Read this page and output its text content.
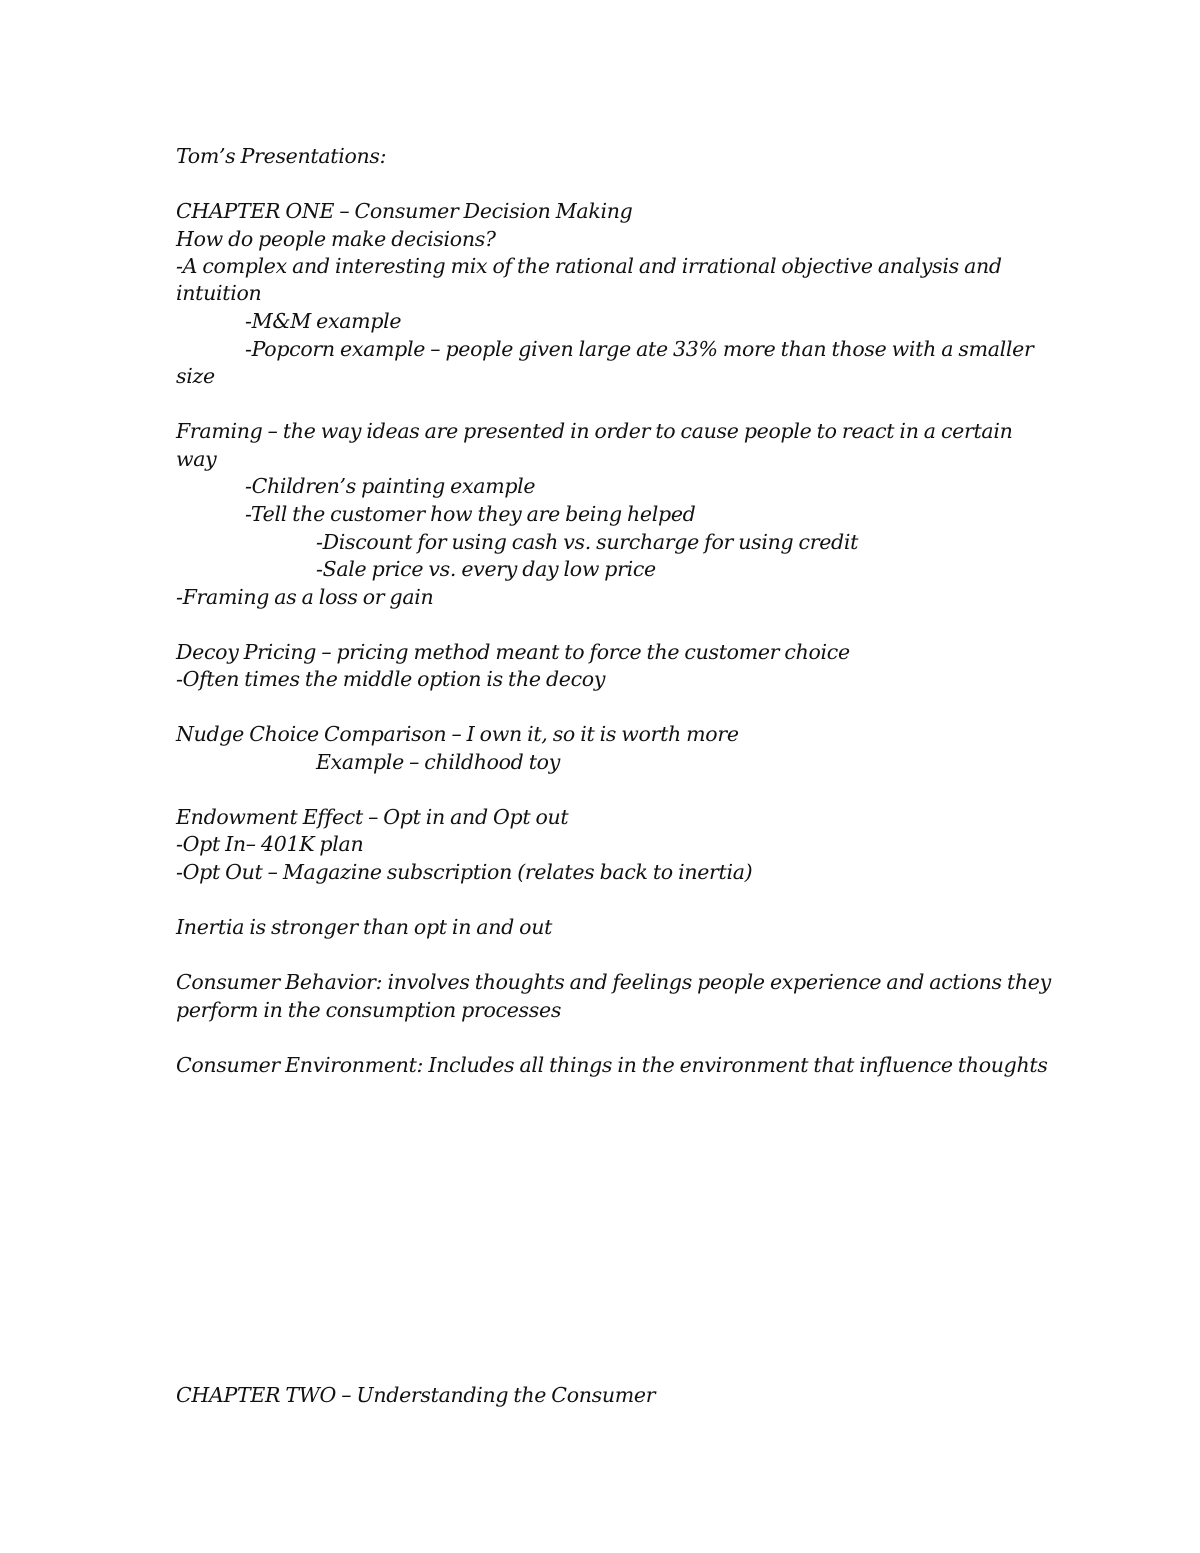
Tom’s Presentations:

CHAPTER ONE – Consumer Decision Making

How do people make decisions?

-A complex and interesting mix of the rational and irrational objective analysis and

intuition

-M&M example

-Popcorn example – people given large ate 33% more than those with a smaller

size

Framing – the way ideas are presented in order to cause people to react in a certain

way

-Children’s painting example

-Tell the customer how they are being helped

-Discount for using cash vs. surcharge for using credit

-Sale price vs. every day low price

-Framing as a loss or gain

Decoy Pricing – pricing method meant to force the customer choice

-Often times the middle option is the decoy

Nudge Choice Comparison – I own it, so it is worth more

Example – childhood toy

Endowment Effect – Opt in and Opt out

-Opt In– 401K plan

-Opt Out – Magazine subscription (relates back to inertia)

Inertia is stronger than opt in and out

Consumer Behavior: involves thoughts and feelings people experience and actions they

perform in the consumption processes

Consumer Environment: Includes all things in the environment that influence thoughts

CHAPTER TWO – Understanding the Consumer
